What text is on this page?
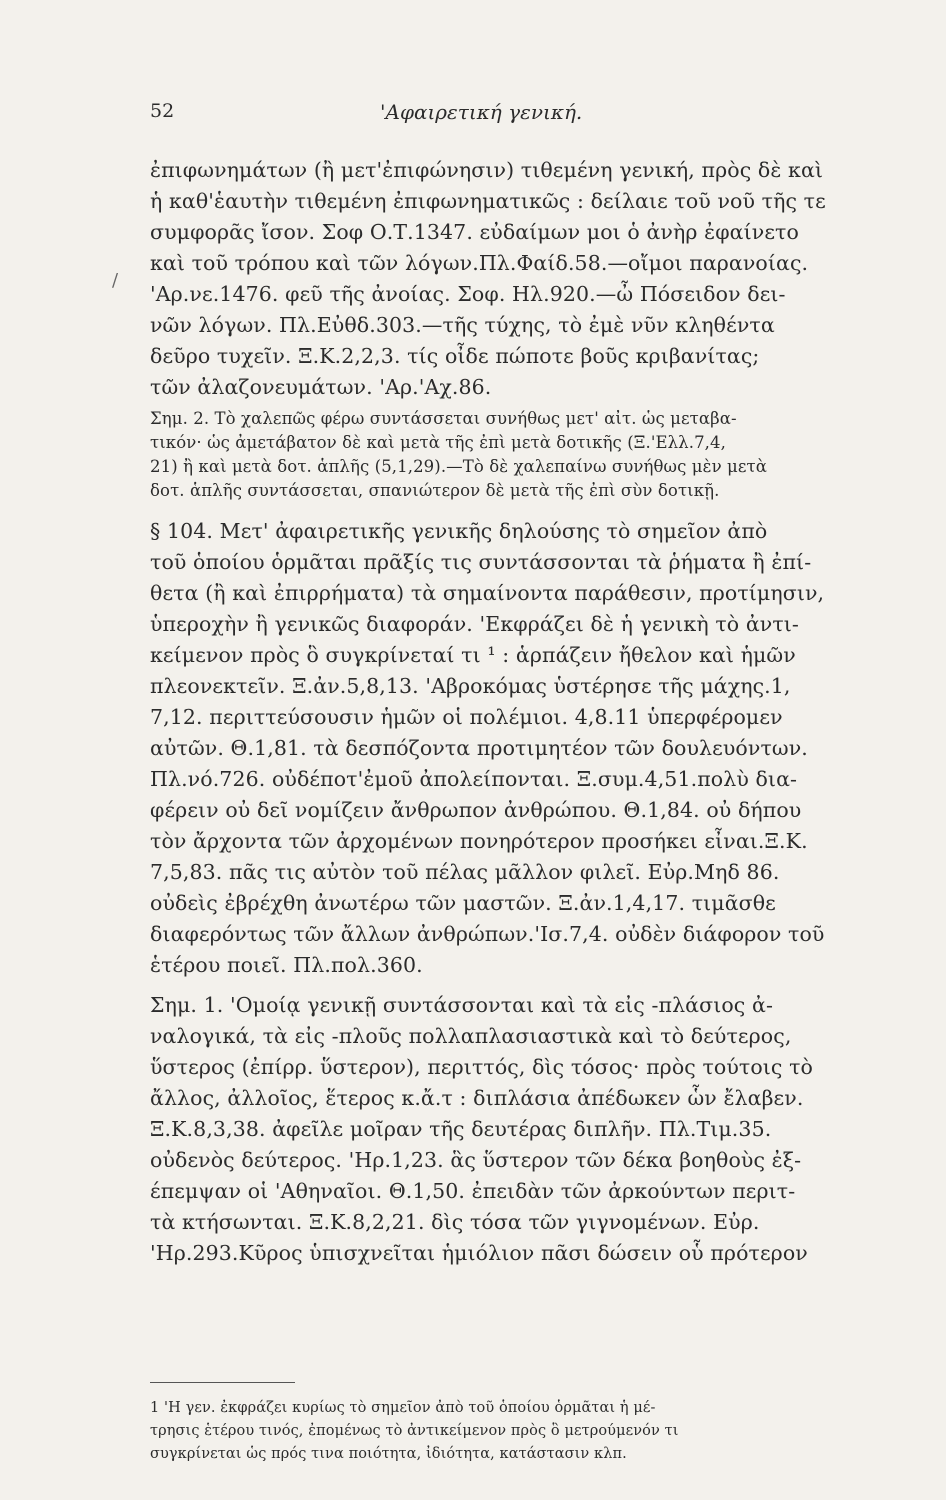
52	'Αφαιρετική γενική.
ἐπιφωνημάτων (ἢ μετ'ἐπιφώνησιν) τιθεμένη γενική, πρὸς δὲ καὶ
ἡ καθ'ἑαυτὴν τιθεμένη ἐπιφωνηματικῶς : δείλαιε τοῦ νοῦ τῆς τε
συμφορᾶς ἴσον. Σοφ Ο.Τ.1347. εὐδαίμων μοι ὁ ἀνὴρ ἐφαίνετο
καὶ τοῦ τρόπου καὶ τῶν λόγων.Πλ.Φαίδ.58.—οἴμοι παρανοίας.
'Αρ.νε.1476. φεῦ τῆς ἀνοίας. Σοφ. Ηλ.920.—ὦ Πόσειδον δει-
νῶν λόγων. Πλ.Εὐθδ.303.—τῆς τύχης, τὸ ἐμὲ νῦν κληθέντα
δεῦρο τυχεῖν. Ξ.Κ.2,2,3. τίς οἶδε πώποτε βοῦς κριβανίτας;
τῶν ἀλαζονευμάτων. 'Αρ.'Αχ.86.
Σημ. 2. Τὸ χαλεπῶς φέρω συντάσσεται συνήθως μετ' αἰτ. ὡς μεταβα-
τικόν· ὡς ἀμετάβατον δὲ καὶ μετὰ τῆς ἐπὶ μετὰ δοτικῆς (Ξ.'Ελλ.7,4,
21) ἢ καὶ μετὰ δοτ. ἁπλῆς (5,1,29).—Τὸ δὲ χαλεπαίνω συνήθως μὲν μετὰ
δοτ. ἁπλῆς συντάσσεται, σπανιώτερον δὲ μετὰ τῆς ἐπὶ σὺν δοτικῇ.
§ 104. Μετ' ἀφαιρετικῆς γενικῆς δηλούσης τὸ σημεῖον ἀπὸ
τοῦ ὁποίου ὁρμᾶται πρᾶξίς τις συντάσσονται τὰ ῥήματα ἢ ἐπί-
θετα (ἢ καὶ ἐπιρρήματα) τὰ σημαίνοντα παράθεσιν, προτίμησιν,
ὑπεροχὴν ἢ γενικῶς διαφοράν. 'Εκφράζει δὲ ἡ γενικὴ τὸ ἀντι-
κείμενον πρὸς ὃ συγκρίνεταί τι ¹ : ἁρπάζειν ἤθελον καὶ ἡμῶν
πλεονεκτεῖν. Ξ.ἀν.5,8,13. 'Αβροκόμας ὑστέρησε τῆς μάχης.1,
7,12. περιττεύσουσιν ἡμῶν οἱ πολέμιοι. 4,8.11 ὑπερφέρομεν
αὐτῶν. Θ.1,81. τὰ δεσπόζοντα προτιμητέον τῶν δουλευόντων.
Πλ.νό.726. οὐδέποτ'ἐμοῦ ἀπολείπονται. Ξ.συμ.4,51.πολὺ δια-
φέρειν οὐ δεῖ νομίζειν ἄνθρωπον ἀνθρώπου. Θ.1,84. οὐ δήπου
τὸν ἄρχοντα τῶν ἀρχομένων πονηρότερον προσήκει εἶναι.Ξ.Κ.
7,5,83. πᾶς τις αὐτὸν τοῦ πέλας μᾶλλον φιλεῖ. Εὐρ.Μηδ 86.
οὐδεὶς ἐβρέχθη ἀνωτέρω τῶν μαστῶν. Ξ.ἀν.1,4,17. τιμᾶσθε
διαφερόντως τῶν ἄλλων ἀνθρώπων.'Ισ.7,4. οὐδὲν διάφορον τοῦ
ἑτέρου ποιεῖ. Πλ.πολ.360.
Σημ. 1. 'Ομοίᾳ γενικῇ συντάσσονται καὶ τὰ εἰς -πλάσιος ἀ-
ναλογικά, τὰ εἰς -πλοῦς πολλαπλασιαστικὰ καὶ τὸ δεύτερος,
ὕστερος (ἐπίρρ. ὕστερον), περιττός, δὶς τόσος· πρὸς τούτοις τὸ
ἄλλος, ἀλλοῖος, ἕτερος κ.ἄ.τ : διπλάσια ἀπέδωκεν ὧν ἔλαβεν.
Ξ.Κ.8,3,38. ἀφεῖλε μοῖραν τῆς δευτέρας διπλῆν. Πλ.Τιμ.35.
οὐδενὸς δεύτερος. 'Ηρ.1,23. ἃς ὕστερον τῶν δέκα βοηθοὺς ἐξ-
έπεμψαν οἱ 'Αθηναῖοι. Θ.1,50. ἐπειδὰν τῶν ἀρκούντων περιτ-
τὰ κτήσωνται. Ξ.Κ.8,2,21. δὶς τόσα τῶν γιγνομένων. Εὐρ.
'Ηρ.293.Κῦρος ὑπισχνεῖται ἡμιόλιον πᾶσι δώσειν οὗ πρότερον
1 'Η γεν. ἐκφράζει κυρίως τὸ σημεῖον ἀπὸ τοῦ ὁποίου ὁρμᾶται ἡ μέ-
τρησις ἑτέρου τινός, ἐπομένως τὸ ἀντικείμενον πρὸς ὃ μετρούμενόν τι
συγκρίνεται ὡς πρός τινα ποιότητα, ἰδιότητα, κατάστασιν κλπ.
/
